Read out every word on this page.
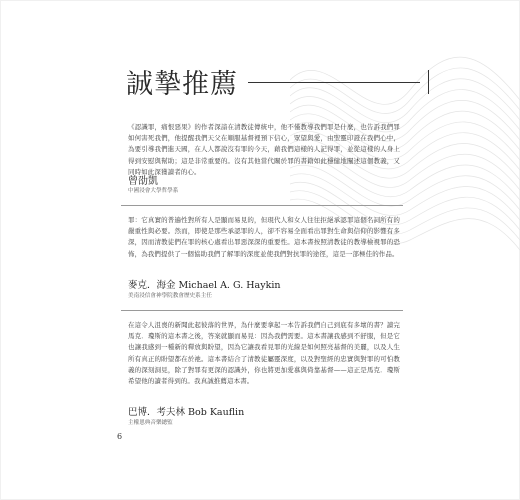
誠摯推薦

《認識罪，痛恨惡果》的作者深諳在清教徒傳統中，他不僅教導我們罪是什麼，也告訴我們罪如何害死我們，他提醒我們天父在順服基督裡預下信心，眾望與愛，由聖靈印證在我們心中，為要引導我們進天國，在人人都說沒有罪的今天，藉我們這樣的人記得罪，並從這樣的人身上得到安慰與幫助；這是非常重要的。沒有其他當代關於罪的書籍如此穩健地闡述這個教義，又同時如此深獲讀者的心。

曾劭凱

中國浸會大學哲學系

罪：它真實的普遍性對所有人是顯而易見的，但現代人和女人往往拒絕承認罪這個名詞所有的嚴重性與必要。然而，即使是那些承認罪的人，卻不容易全面看出罪對生命與信仰的影響有多深，因而清教徒們在罪的核心處看出罪惡深深的重要性。這本書按照清教徒的教導檢視罪的恐怖，為我們提供了一個協助我們了解罪的深度並使我們對抗罪的途徑，這是一部極佳的作品。

麥克．海金 Michael A. G. Haykin

美南浸信會神學院教會歷史系主任

在這令人沮喪的新聞此起彼落的世界，為什麼要拿起一本告訴我們自己到底有多壞的書？讀完馬克．瓊斯的這本書之後，答案就顯而易見：因為我們需要。這本書讓我感到不舒服，但是它也讓我感到一種新的釋放與盼望，因為它讓我看見罪的光線是如何照亮基督的美麗，以及人生所有真正的盼望都在於祂。這本書結合了清教徒屬靈深度，以及對聖經的忠實與對罪的可怕教義的深刻洞見，除了對罪有更深的認識外，你也將更加愛慕與倚靠基督——這正是馬克．瓊斯希望他的讀者得到的。我真誠推薦這本書。

巴博．考夫林 Bob Kauflin

主權恩典音樂總監

6
